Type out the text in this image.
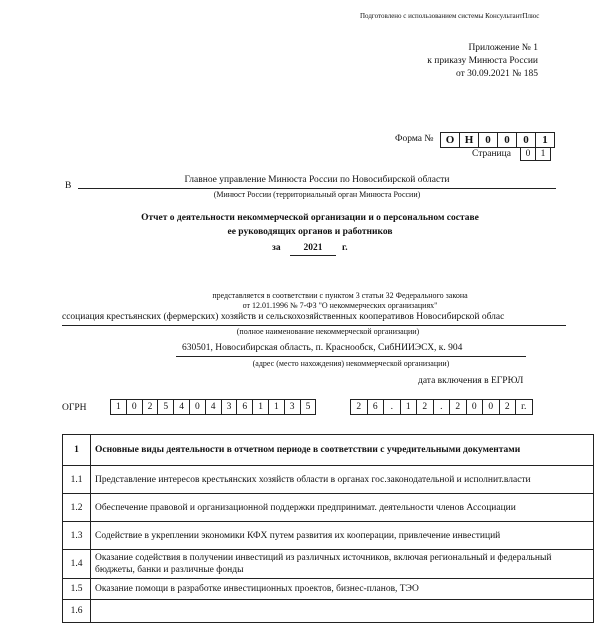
Подготовлено с использованием системы КонсультантПлюс
Приложение № 1
к приказу Минюста России
от 30.09.2021 № 185
Форма №	О Н	0	0	0	1
Страница	0	1
В
Главное управление Минюста России по Новосибирской области
(Минюст России (территориальный орган Минюста России)
Отчет о деятельности некоммерческой организации и о персональном составе
ее руководящих органов и работников
за	2021	г.
представляется в соответствии с пунктом 3 статьи 32 Федерального закона
от 12.01.1996 № 7-ФЗ "О некоммерческих организациях"
ссоциация крестьянских (фермерских) хозяйств и сельскохозяйственных кооперативов Новосибирской облас
(полное наименование некоммерческой организации)
630501, Новосибирская область, п. Краснообск, СибНИИЭСХ, к. 904
(адрес (место нахождения) некоммерческой организации)
дата включения в ЕГРЮЛ
ОГРН	1	0	2	5	4	0	4	3	6	1	1	3	5	2	6	.	1	2	.	2	0	0	2	г.
1	Основные виды деятельности в отчетном периоде в соответствии с учредительными документами
1.1	Представление интересов крестьянских хозяйств области в органах гос.законодательной и исполнит.власти
1.2	Обеспечение правовой и организационной поддержки предпринимат. деятельности членов Ассоциации
1.3	Содействие в укреплении экономики КФХ путем развития их кооперации, привлечение инвестиций
1.4	Оказание содействия в получении инвестиций из различных источников, включая региональный и федеральный бюджеты, банки и различные фонды
1.5	Оказание помощи в разработке инвестиционных проектов, бизнес-планов, ТЭО
1.6	
